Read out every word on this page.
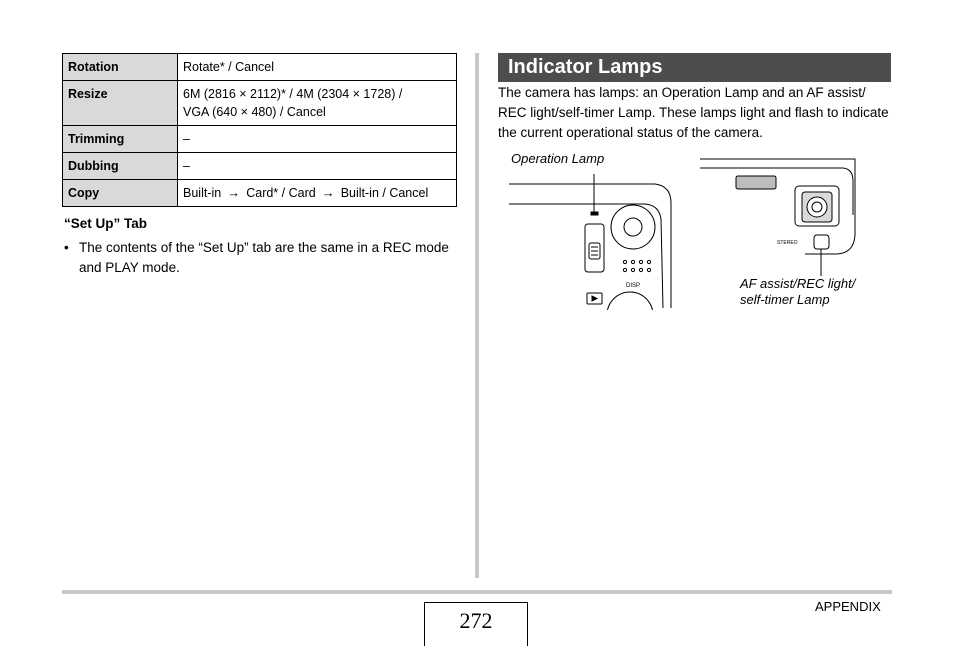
Rotation	Rotate* / Cancel
Resize	6M (2816 × 2112)* / 4M (2304 × 1728) /
VGA (640 × 480) / Cancel
Trimming	–
Dubbing	–
Copy	Built-in → Card* / Card → Built-in / Cancel
“Set Up” Tab
• The contents of the “Set Up” tab are the same in a REC mode and PLAY mode.
Indicator Lamps
The camera has lamps: an Operation Lamp and an AF assist/ REC light/self-timer Lamp. These lamps light and flash to indicate the current operational status of the camera.
DISP
STEREO
Operation Lamp
AF assist/REC light/
self-timer Lamp
APPENDIX
272
